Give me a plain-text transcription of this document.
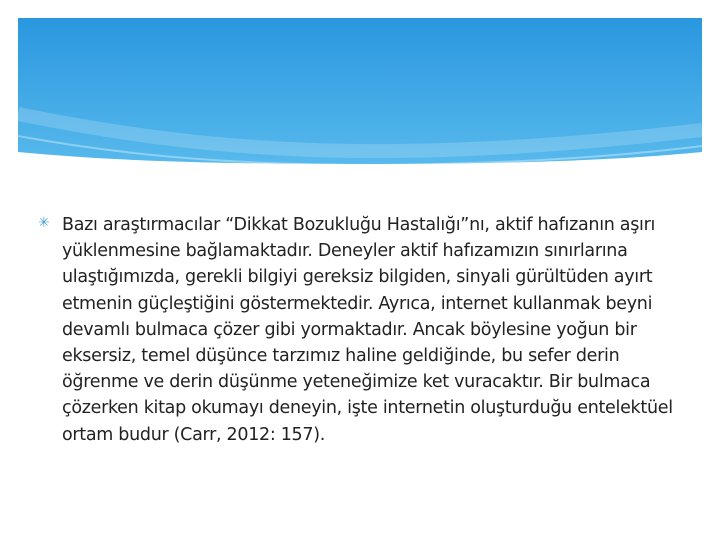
✳ Bazı araştırmacılar “Dikkat Bozukluğu Hastalığı”nı, aktif hafızanın aşırı yüklenmesine bağlamaktadır. Deneyler aktif hafızamızın sınırlarına ulaştığımızda, gerekli bilgiyi gereksiz bilgiden, sinyali gürültüden ayırt etmenin güçleştiğini göstermektedir. Ayrıca, internet kullanmak beyni devamlı bulmaca çözer gibi yormaktadır. Ancak böylesine yoğun bir eksersiz, temel düşünce tarzımız haline geldiğinde, bu sefer derin öğrenme ve derin düşünme yeteneğimize ket vuracaktır. Bir bulmaca çözerken kitap okumayı deneyin, işte internetin oluşturduğu entelektüel ortam budur (Carr, 2012: 157).
